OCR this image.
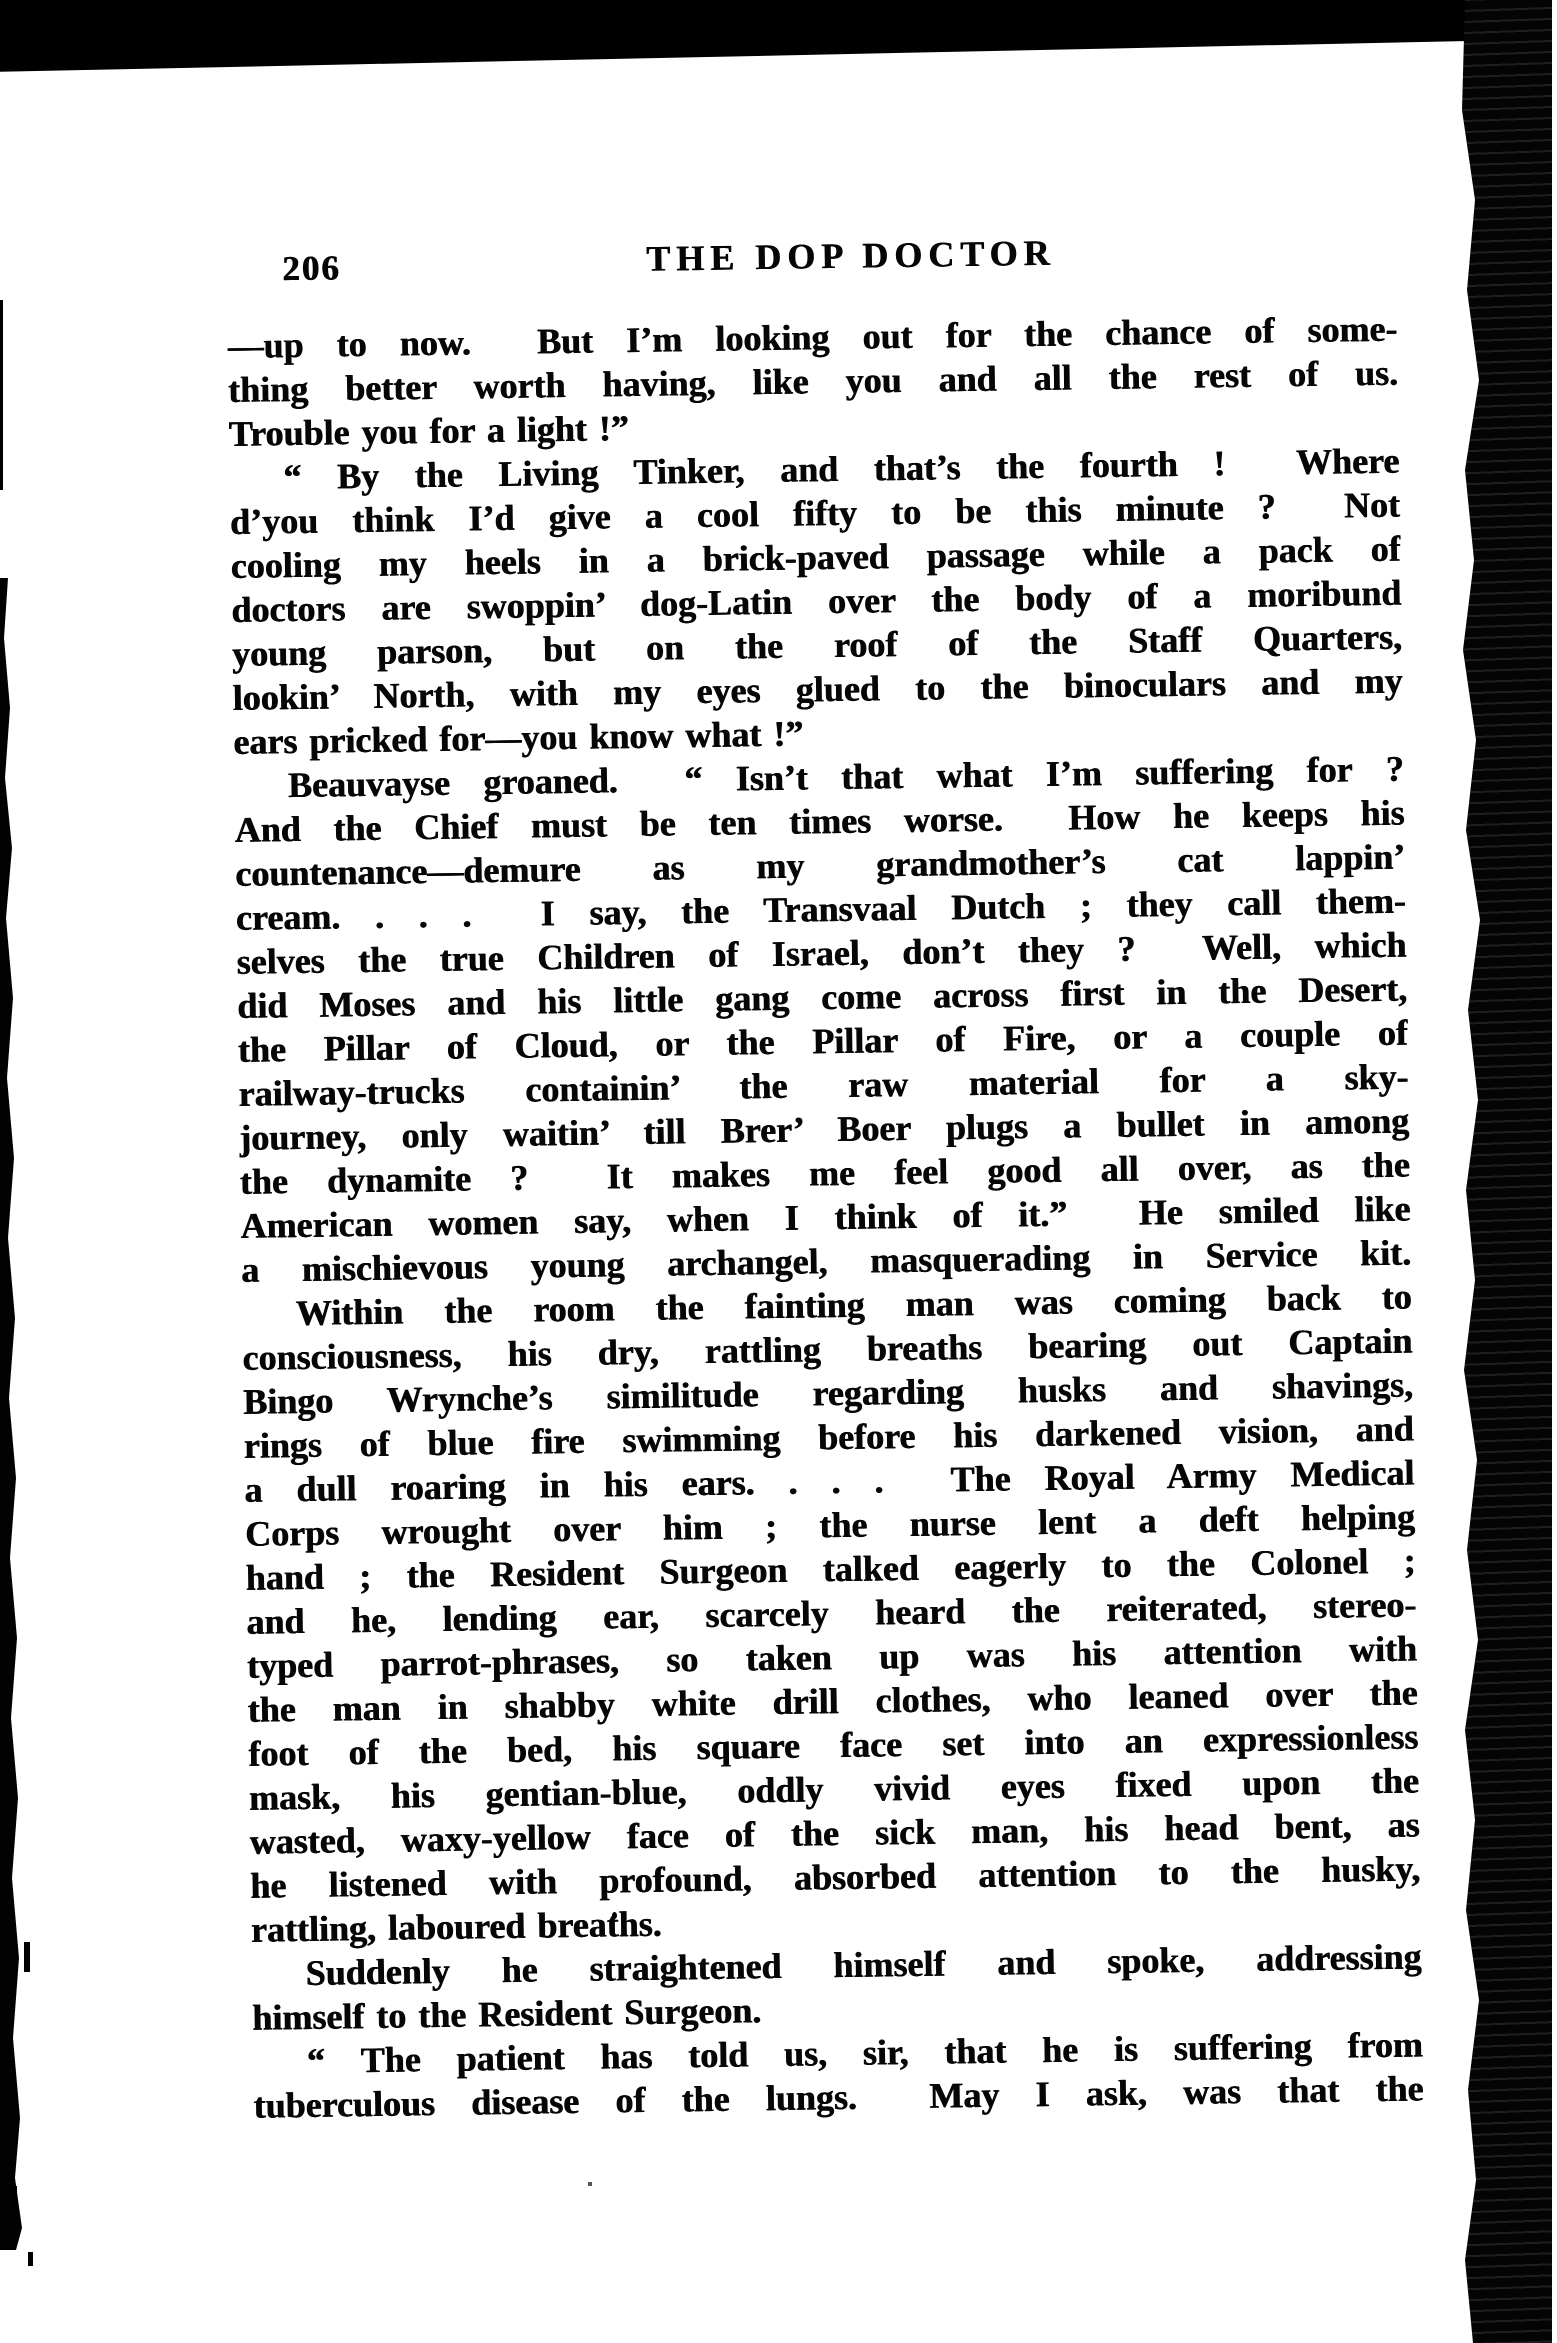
206	THE DOP DOCTOR
—up to now.  But I’m looking out for the chance of some-
thing better worth having, like you and all the rest of us.
Trouble you for a light !”
“ By the Living Tinker, and that’s the fourth !  Where
d’you think I’d give a cool fifty to be this minute ?  Not
cooling my heels in a brick-paved passage while a pack of
doctors are swoppin’ dog-Latin over the body of a moribund
young parson, but on the roof of the Staff Quarters,
lookin’ North, with my eyes glued to the binoculars and my
ears pricked for—you know what !”
Beauvayse groaned.  “ Isn’t that what I’m suffering for ?
And the Chief must be ten times worse.  How he keeps his
countenance—demure as my grandmother’s cat lappin’
cream. . . .  I say, the Transvaal Dutch ; they call them-
selves the true Children of Israel, don’t they ?  Well, which
did Moses and his little gang come across first in the Desert,
the Pillar of Cloud, or the Pillar of Fire, or a couple of
railway-trucks containin’ the raw material for a sky-
journey, only waitin’ till Brer’ Boer plugs a bullet in among
the dynamite ?  It makes me feel good all over, as the
American women say, when I think of it.”  He smiled like
a mischievous young archangel, masquerading in Service kit.
Within the room the fainting man was coming back to
consciousness, his dry, rattling breaths bearing out Captain
Bingo Wrynche’s similitude regarding husks and shavings,
rings of blue fire swimming before his darkened vision, and
a dull roaring in his ears. . . .  The Royal Army Medical
Corps wrought over him ; the nurse lent a deft helping
hand ; the Resident Surgeon talked eagerly to the Colonel ;
and he, lending ear, scarcely heard the reiterated, stereo-
typed parrot-phrases, so taken up was his attention with
the man in shabby white drill clothes, who leaned over the
foot of the bed, his square face set into an expressionless
mask, his gentian-blue, oddly vivid eyes fixed upon the
wasted, waxy-yellow face of the sick man, his head bent, as
he listened with profound, absorbed attention to the husky,
rattling, laboured breaths.
Suddenly he straightened himself and spoke, addressing
himself to the Resident Surgeon.
“ The patient has told us, sir, that he is suffering from
tuberculous disease of the lungs.  May I ask, was that the
